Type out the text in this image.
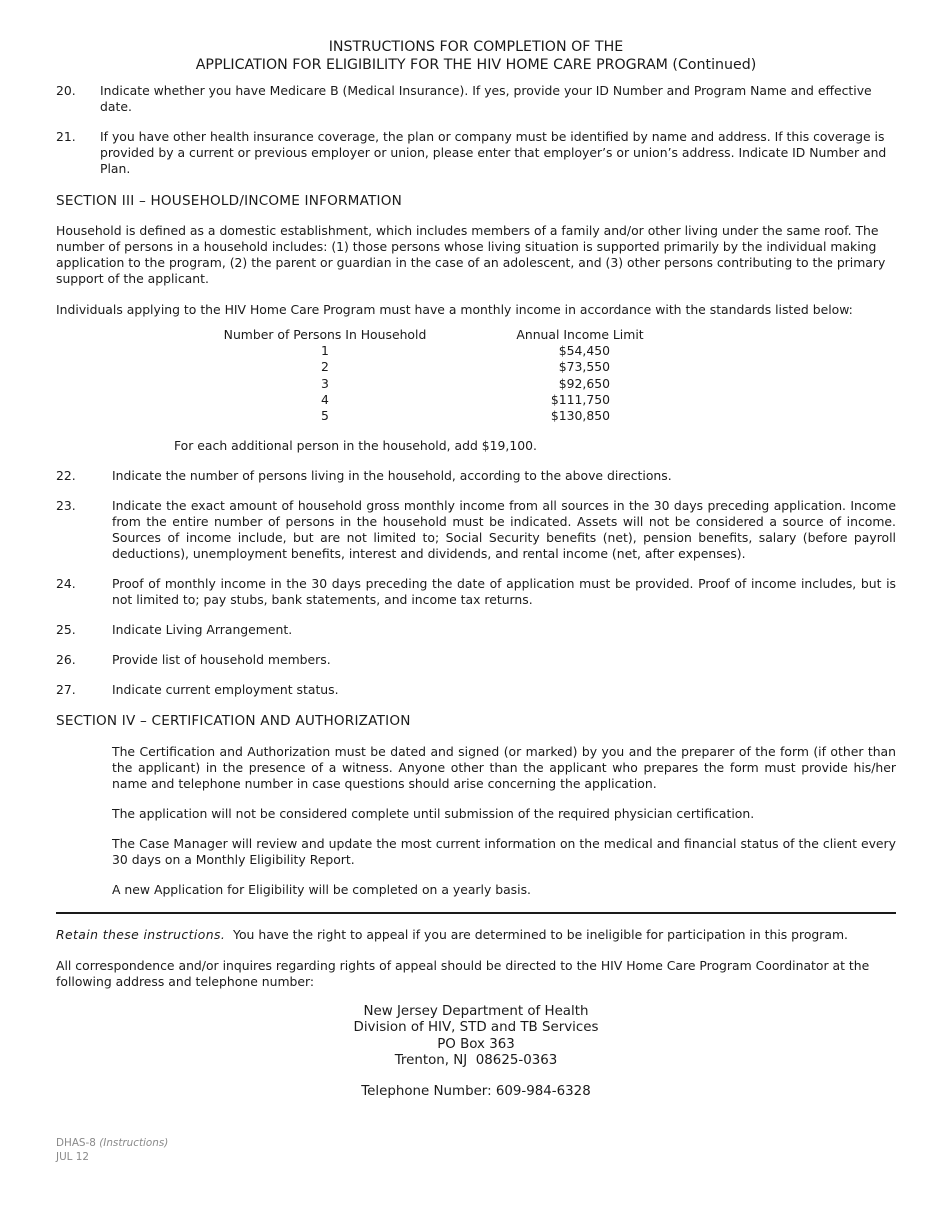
INSTRUCTIONS FOR COMPLETION OF THE
APPLICATION FOR ELIGIBILITY FOR THE HIV HOME CARE PROGRAM (Continued)
20.	Indicate whether you have Medicare B (Medical Insurance). If yes, provide your ID Number and Program Name and effective date.
21.	If you have other health insurance coverage, the plan or company must be identified by name and address. If this coverage is provided by a current or previous employer or union, please enter that employer’s or union’s address. Indicate ID Number and Plan.
SECTION III – HOUSEHOLD/INCOME INFORMATION

Household is defined as a domestic establishment, which includes members of a family and/or other living under the same roof. The number of persons in a household includes: (1) those persons whose living situation is supported primarily by the individual making application to the program, (2) the parent or guardian in the case of an adolescent, and (3) other persons contributing to the primary support of the applicant.

Individuals applying to the HIV Home Care Program must have a monthly income in accordance with the standards listed below:

Number of Persons In Household	Annual Income Limit
1	$54,450
2	$73,550
3	$92,650
4	$111,750
5	$130,850

For each additional person in the household, add $19,100.

22.	Indicate the number of persons living in the household, according to the above directions.
23.	Indicate the exact amount of household gross monthly income from all sources in the 30 days preceding application. Income from the entire number of persons in the household must be indicated. Assets will not be considered a source of income. Sources of income include, but are not limited to; Social Security benefits (net), pension benefits, salary (before payroll deductions), unemployment benefits, interest and dividends, and rental income (net, after expenses).
24.	Proof of monthly income in the 30 days preceding the date of application must be provided. Proof of income includes, but is not limited to; pay stubs, bank statements, and income tax returns.
25.	Indicate Living Arrangement.
26.	Provide list of household members.
27.	Indicate current employment status.
SECTION IV – CERTIFICATION AND AUTHORIZATION

The Certification and Authorization must be dated and signed (or marked) by you and the preparer of the form (if other than the applicant) in the presence of a witness. Anyone other than the applicant who prepares the form must provide his/her name and telephone number in case questions should arise concerning the application.

The application will not be considered complete until submission of the required physician certification.

The Case Manager will review and update the most current information on the medical and financial status of the client every 30 days on a Monthly Eligibility Report.

A new Application for Eligibility will be completed on a yearly basis.

Retain these instructions.  You have the right to appeal if you are determined to be ineligible for participation in this program.

All correspondence and/or inquires regarding rights of appeal should be directed to the HIV Home Care Program Coordinator at the following address and telephone number:

New Jersey Department of Health
Division of HIV, STD and TB Services
PO Box 363
Trenton, NJ  08625-0363
Telephone Number: 609-984-6328
DHAS-8 (Instructions)
JUL 12
